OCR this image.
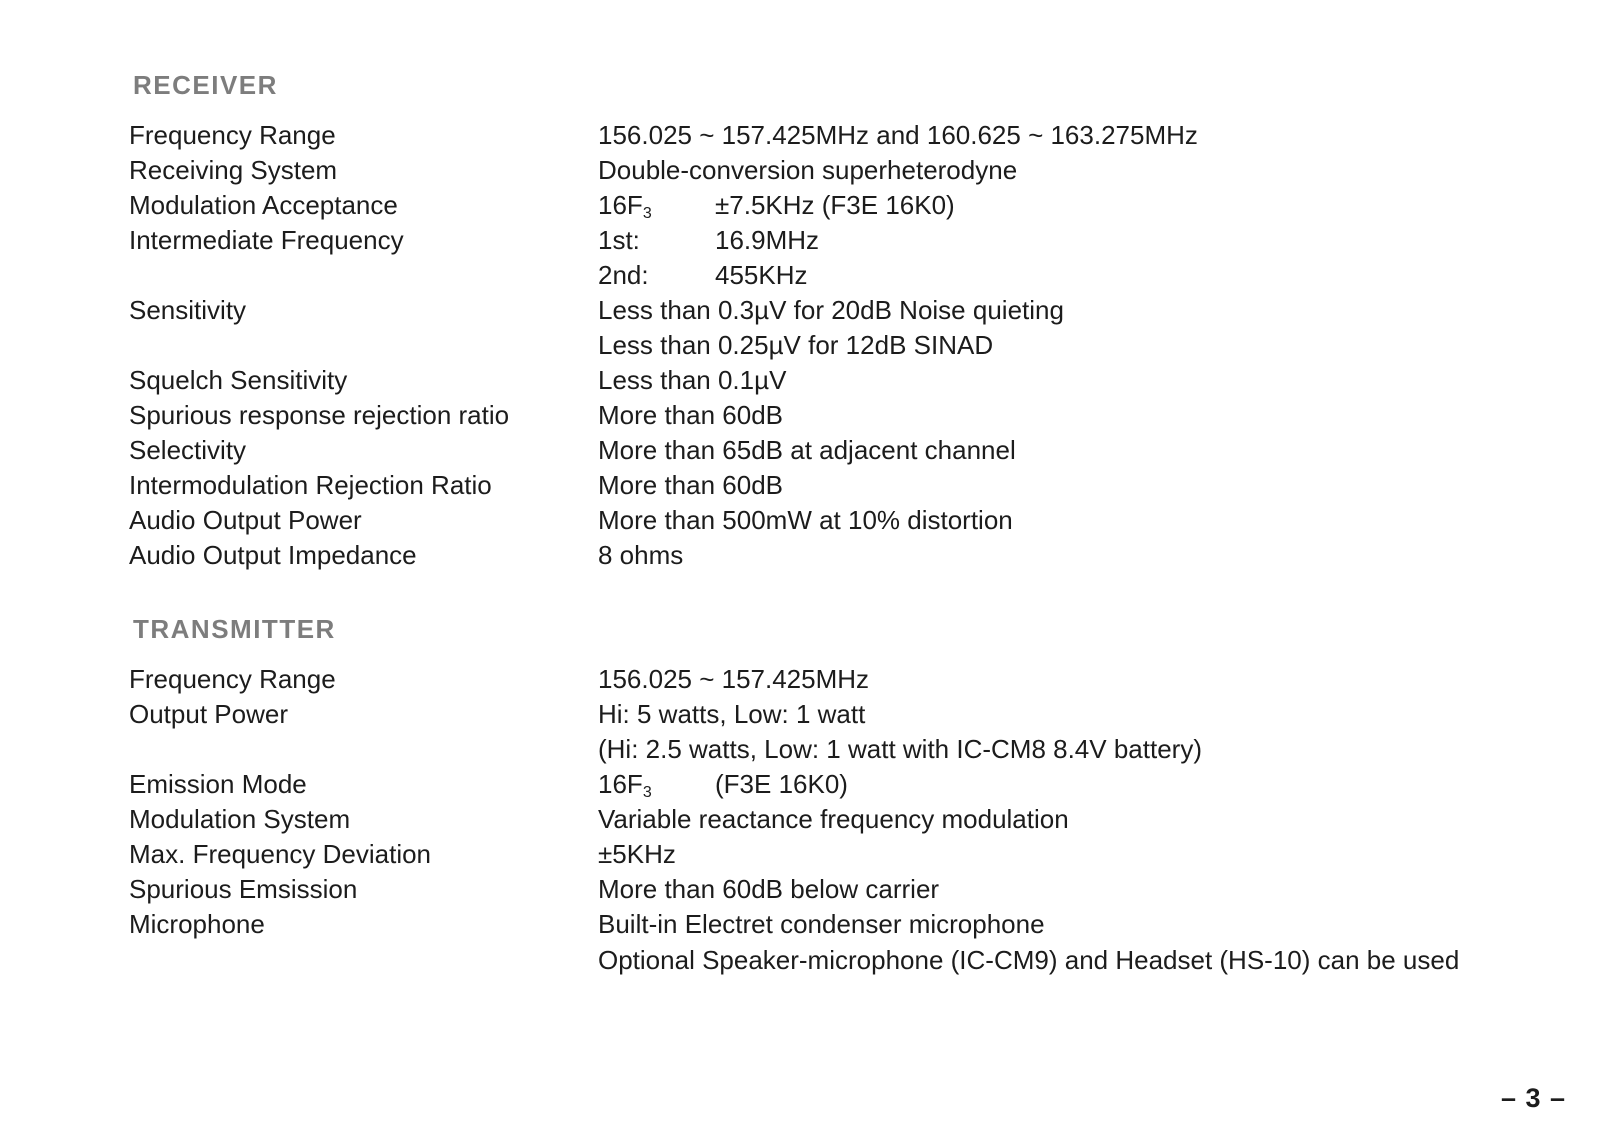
RECEIVER
Frequency Range	156.025 ~ 157.425MHz and 160.625 ~ 163.275MHz
Receiving System	Double-conversion superheterodyne
Modulation Acceptance	$16F_3 \pm 7.5KHz$ (F3E 16K0)
Intermediate Frequency	1st:	16.9MHz
2nd:	455KHz
Sensitivity	Less than 0.3µV for 20dB Noise quieting
Less than 0.25µV for 12dB SINAD
Squelch Sensitivity	Less than 0.1µV
Spurious response rejection ratio	More than 60dB
Selectivity	More than 65dB at adjacent channel
Intermodulation Rejection Ratio	More than 60dB
Audio Output Power	More than 500mW at 10% distortion
Audio Output Impedance	8 ohms
TRANSMITTER
Frequency Range	156.025 ~ 157.425MHz
Output Power	Hi: 5 watts, Low: 1 watt
(Hi: 2.5 watts, Low: 1 watt with IC-CM8 8.4V battery)
Emission Mode	$16F_3$ (F3E 16K0)
Modulation System	Variable reactance frequency modulation
Max. Frequency Deviation	±5KHz
Spurious Emsission	More than 60dB below carrier
Microphone	Built-in Electret condenser microphone
Optional Speaker-microphone (IC-CM9) and Headset (HS-10) can be used
– 3 –
